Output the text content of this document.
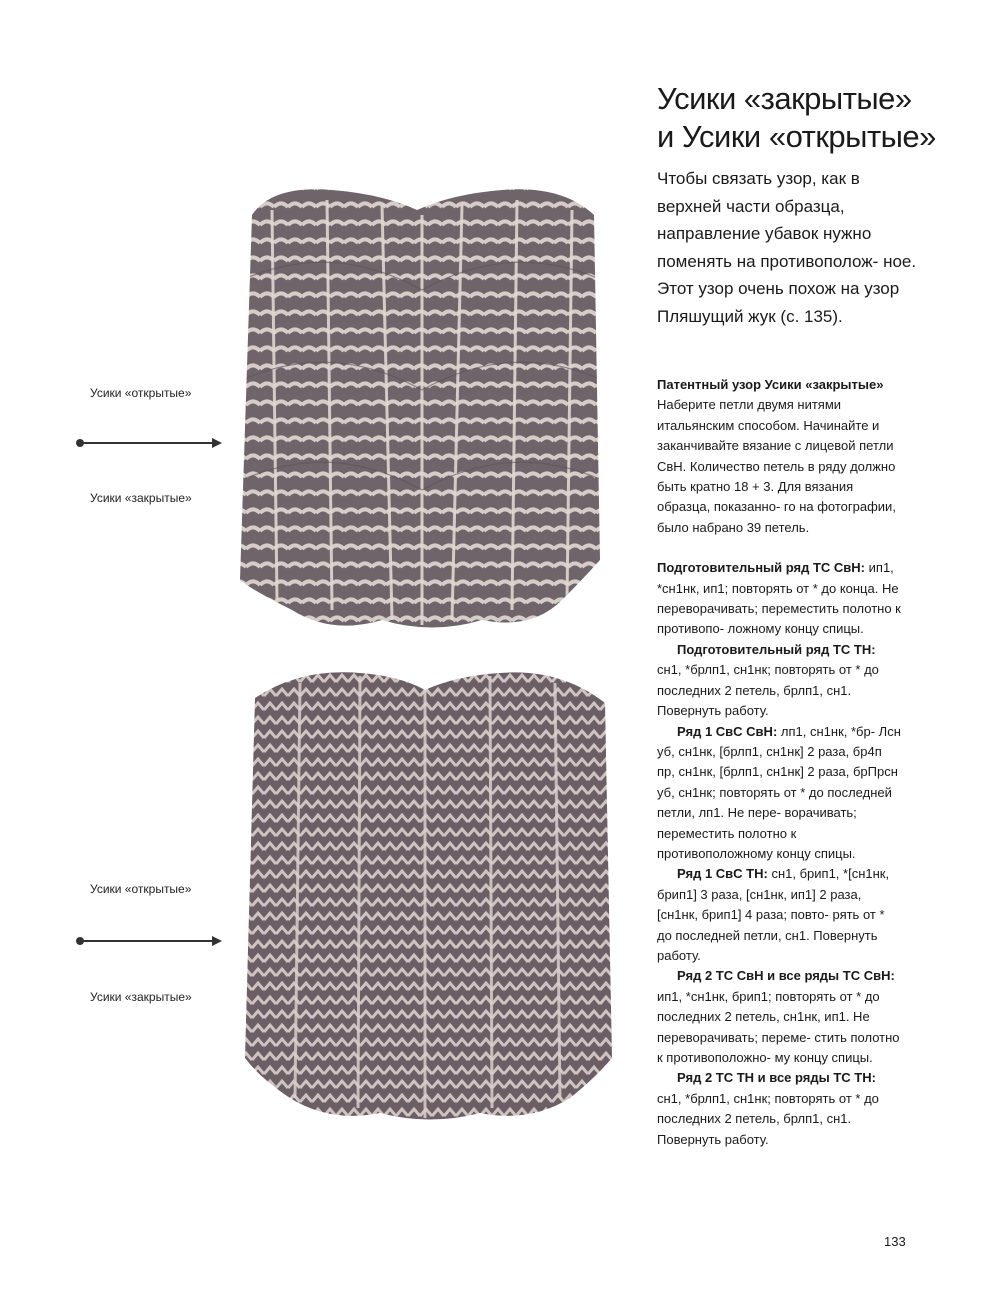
Усики «открытые»
Усики «закрытые»
Усики «открытые»
Усики «закрытые»
Усики «закрытые»
и Усики «открытые»
Чтобы связать узор, как в верхней части образца, направление убавок нужно поменять на противополож- ное. Этот узор очень похож на узор Пляшущий жук (с. 135).

Патентный узор Усики «закрытые» Наберите петли двумя нитями итальянским способом. Начинайте и заканчивайте вязание с лицевой петли СвН. Количество петель в ряду должно быть кратно 18 + 3. Для вязания образца, показанно- го на фотографии, было набрано 39 петель.

Подготовительный ряд ТС СвН: ип1, *сн1нк, ип1; повторять от * до конца. Не переворачивать; переместить полотно к противопо- ложному концу спицы.

Подготовительный ряд ТС ТН: сн1, *брлп1, сн1нк; повторять от * до последних 2 петель, брлп1, сн1. Повернуть работу.

Ряд 1 СвС СвН: лп1, сн1нк, *бр- Лсн уб, сн1нк, [брлп1, сн1нк] 2 раза, бр4п пр, сн1нк, [брлп1, сн1нк] 2 раза, брПрсн уб, сн1нк; повторять от * до последней петли, лп1. Не пере- ворачивать; переместить полотно к противоположному концу спицы.

Ряд 1 СвС ТН: сн1, брип1, *[сн1нк, брип1] 3 раза, [сн1нк, ип1] 2 раза, [сн1нк, брип1] 4 раза; повто- рять от * до последней петли, сн1. Повернуть работу.

Ряд 2 ТС СвН и все ряды ТС СвН: ип1, *сн1нк, брип1; повторять от * до последних 2 петель, сн1нк, ип1. Не переворачивать; переме- стить полотно к противоположно- му концу спицы.

Ряд 2 ТС ТН и все ряды ТС ТН: сн1, *брлп1, сн1нк; повторять от * до последних 2 петель, брлп1, сн1. Повернуть работу.

133
